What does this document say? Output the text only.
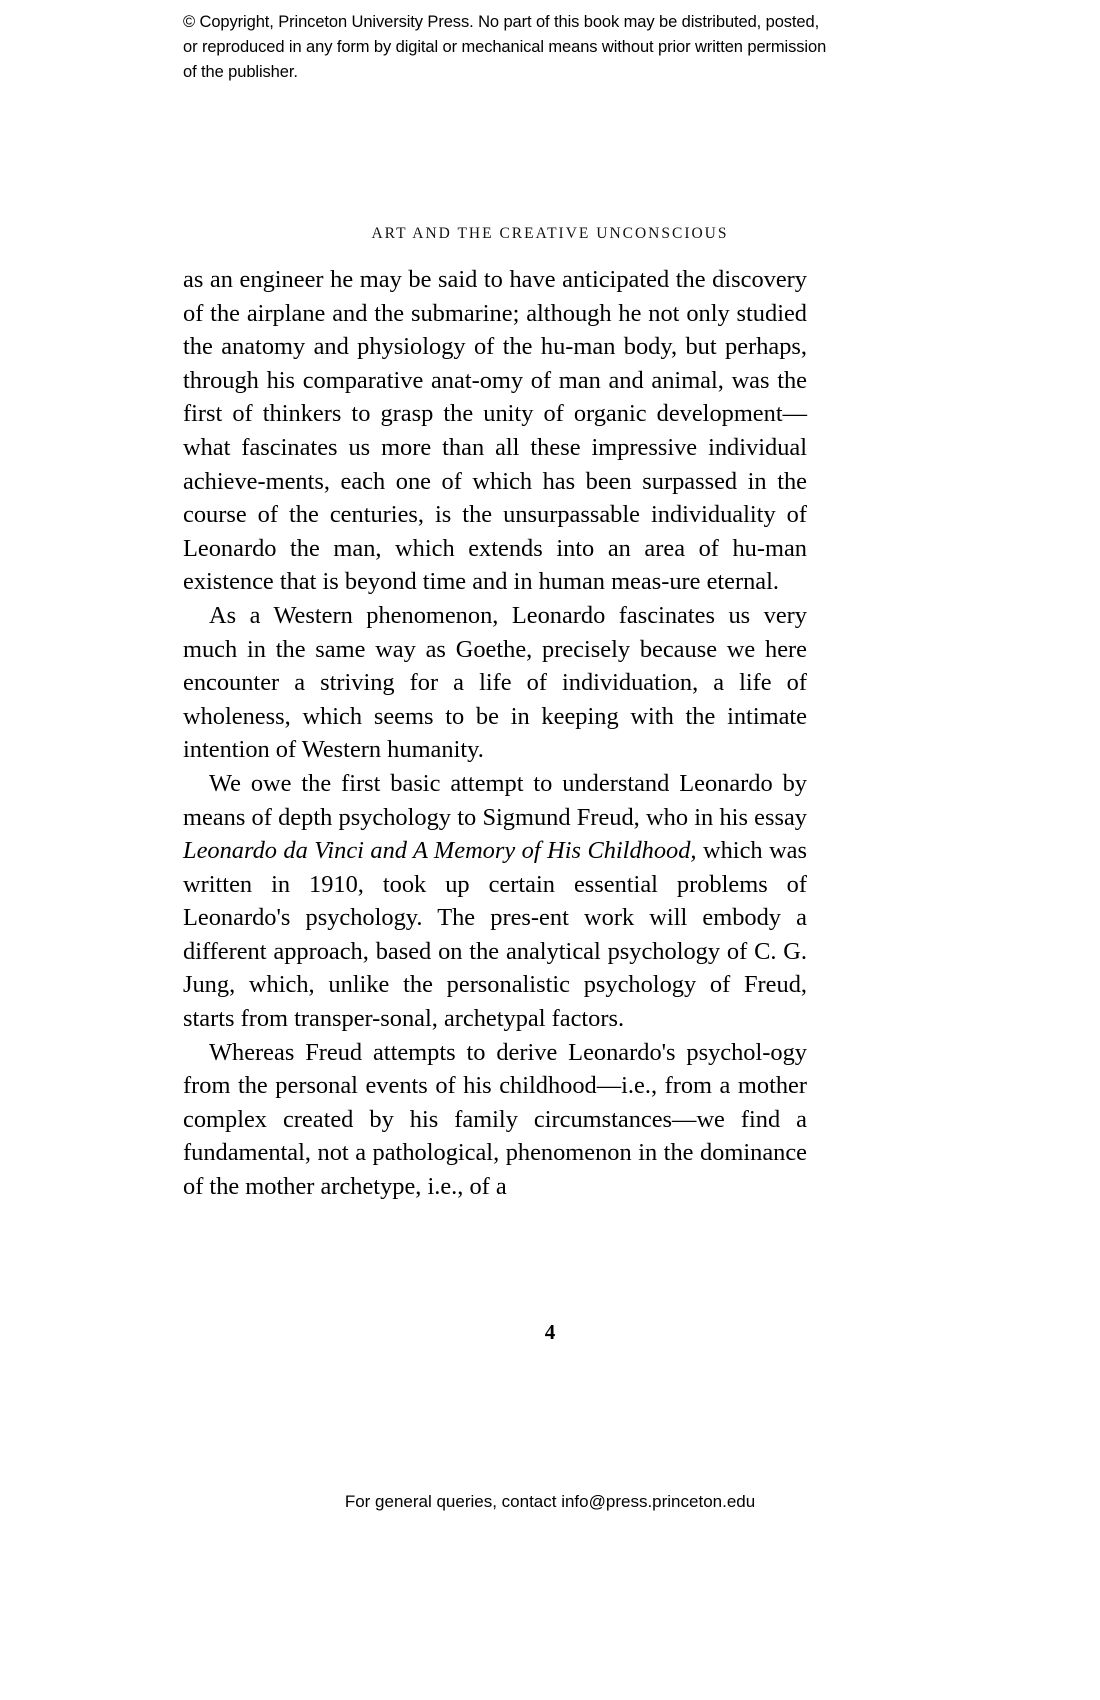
© Copyright, Princeton University Press. No part of this book may be distributed, posted, or reproduced in any form by digital or mechanical means without prior written permission of the publisher.
ART AND THE CREATIVE UNCONSCIOUS

as an engineer he may be said to have anticipated the discovery of the airplane and the submarine; although he not only studied the anatomy and physiology of the hu-man body, but perhaps, through his comparative anat-omy of man and animal, was the first of thinkers to grasp the unity of organic development—what fascinates us more than all these impressive individual achieve-ments, each one of which has been surpassed in the course of the centuries, is the unsurpassable individuality of Leonardo the man, which extends into an area of hu-man existence that is beyond time and in human meas-ure eternal.

As a Western phenomenon, Leonardo fascinates us very much in the same way as Goethe, precisely because we here encounter a striving for a life of individuation, a life of wholeness, which seems to be in keeping with the intimate intention of Western humanity.

We owe the first basic attempt to understand Leonardo by means of depth psychology to Sigmund Freud, who in his essay Leonardo da Vinci and A Memory of His Childhood, which was written in 1910, took up certain essential problems of Leonardo's psychology. The pres-ent work will embody a different approach, based on the analytical psychology of C. G. Jung, which, unlike the personalistic psychology of Freud, starts from transper-sonal, archetypal factors.

Whereas Freud attempts to derive Leonardo's psychol-ogy from the personal events of his childhood—i.e., from a mother complex created by his family circumstances—we find a fundamental, not a pathological, phenomenon in the dominance of the mother archetype, i.e., of a

4
For general queries, contact info@press.princeton.edu
